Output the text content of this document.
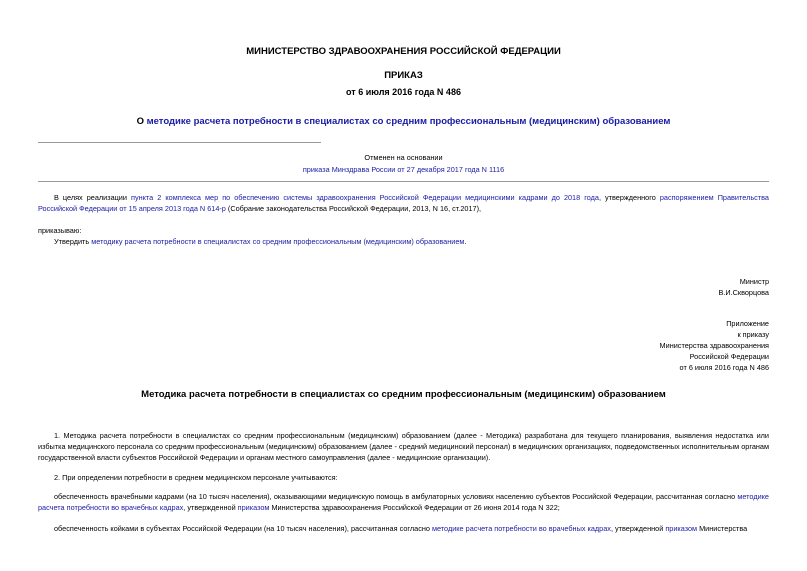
МИНИСТЕРСТВО ЗДРАВООХРАНЕНИЯ РОССИЙСКОЙ ФЕДЕРАЦИИ
ПРИКАЗ
от 6 июля 2016 года N 486
О методике расчета потребности в специалистах со средним профессиональным (медицинским) образованием
Отменен на основании
приказа Минздрава России от 27 декабря 2017 года N 1116
В целях реализации пункта 2 комплекса мер по обеспечению системы здравоохранения Российской Федерации медицинскими кадрами до 2018 года, утвержденного распоряжением Правительства Российской Федерации от 15 апреля 2013 года N 614-р (Собрание законодательства Российской Федерации, 2013, N 16, ст.2017),
приказываю:
Утвердить методику расчета потребности в специалистах со средним профессиональным (медицинским) образованием.
Министр
В.И.Скворцова
Приложение
к приказу
Министерства здравоохранения
Российской Федерации
от 6 июля 2016 года N 486
Методика расчета потребности в специалистах со средним профессиональным (медицинским) образованием
1. Методика расчета потребности в специалистах со средним профессиональным (медицинским) образованием (далее - Методика) разработана для текущего планирования, выявления недостатка или избытка медицинского персонала со средним профессиональным (медицинским) образованием (далее - средний медицинский персонал) в медицинских организациях, подведомственных исполнительным органам государственной власти субъектов Российской Федерации и органам местного самоуправления (далее - медицинские организации).
2. При определении потребности в среднем медицинском персонале учитываются:
обеспеченность врачебными кадрами (на 10 тысяч населения), оказывающими медицинскую помощь в амбулаторных условиях населению субъектов Российской Федерации, рассчитанная согласно методике расчета потребности во врачебных кадрах, утвержденной приказом Министерства здравоохранения Российской Федерации от 26 июня 2014 года N 322;
обеспеченность койками в субъектах Российской Федерации (на 10 тысяч населения), рассчитанная согласно методике расчета потребности во врачебных кадрах, утвержденной приказом Министерства
